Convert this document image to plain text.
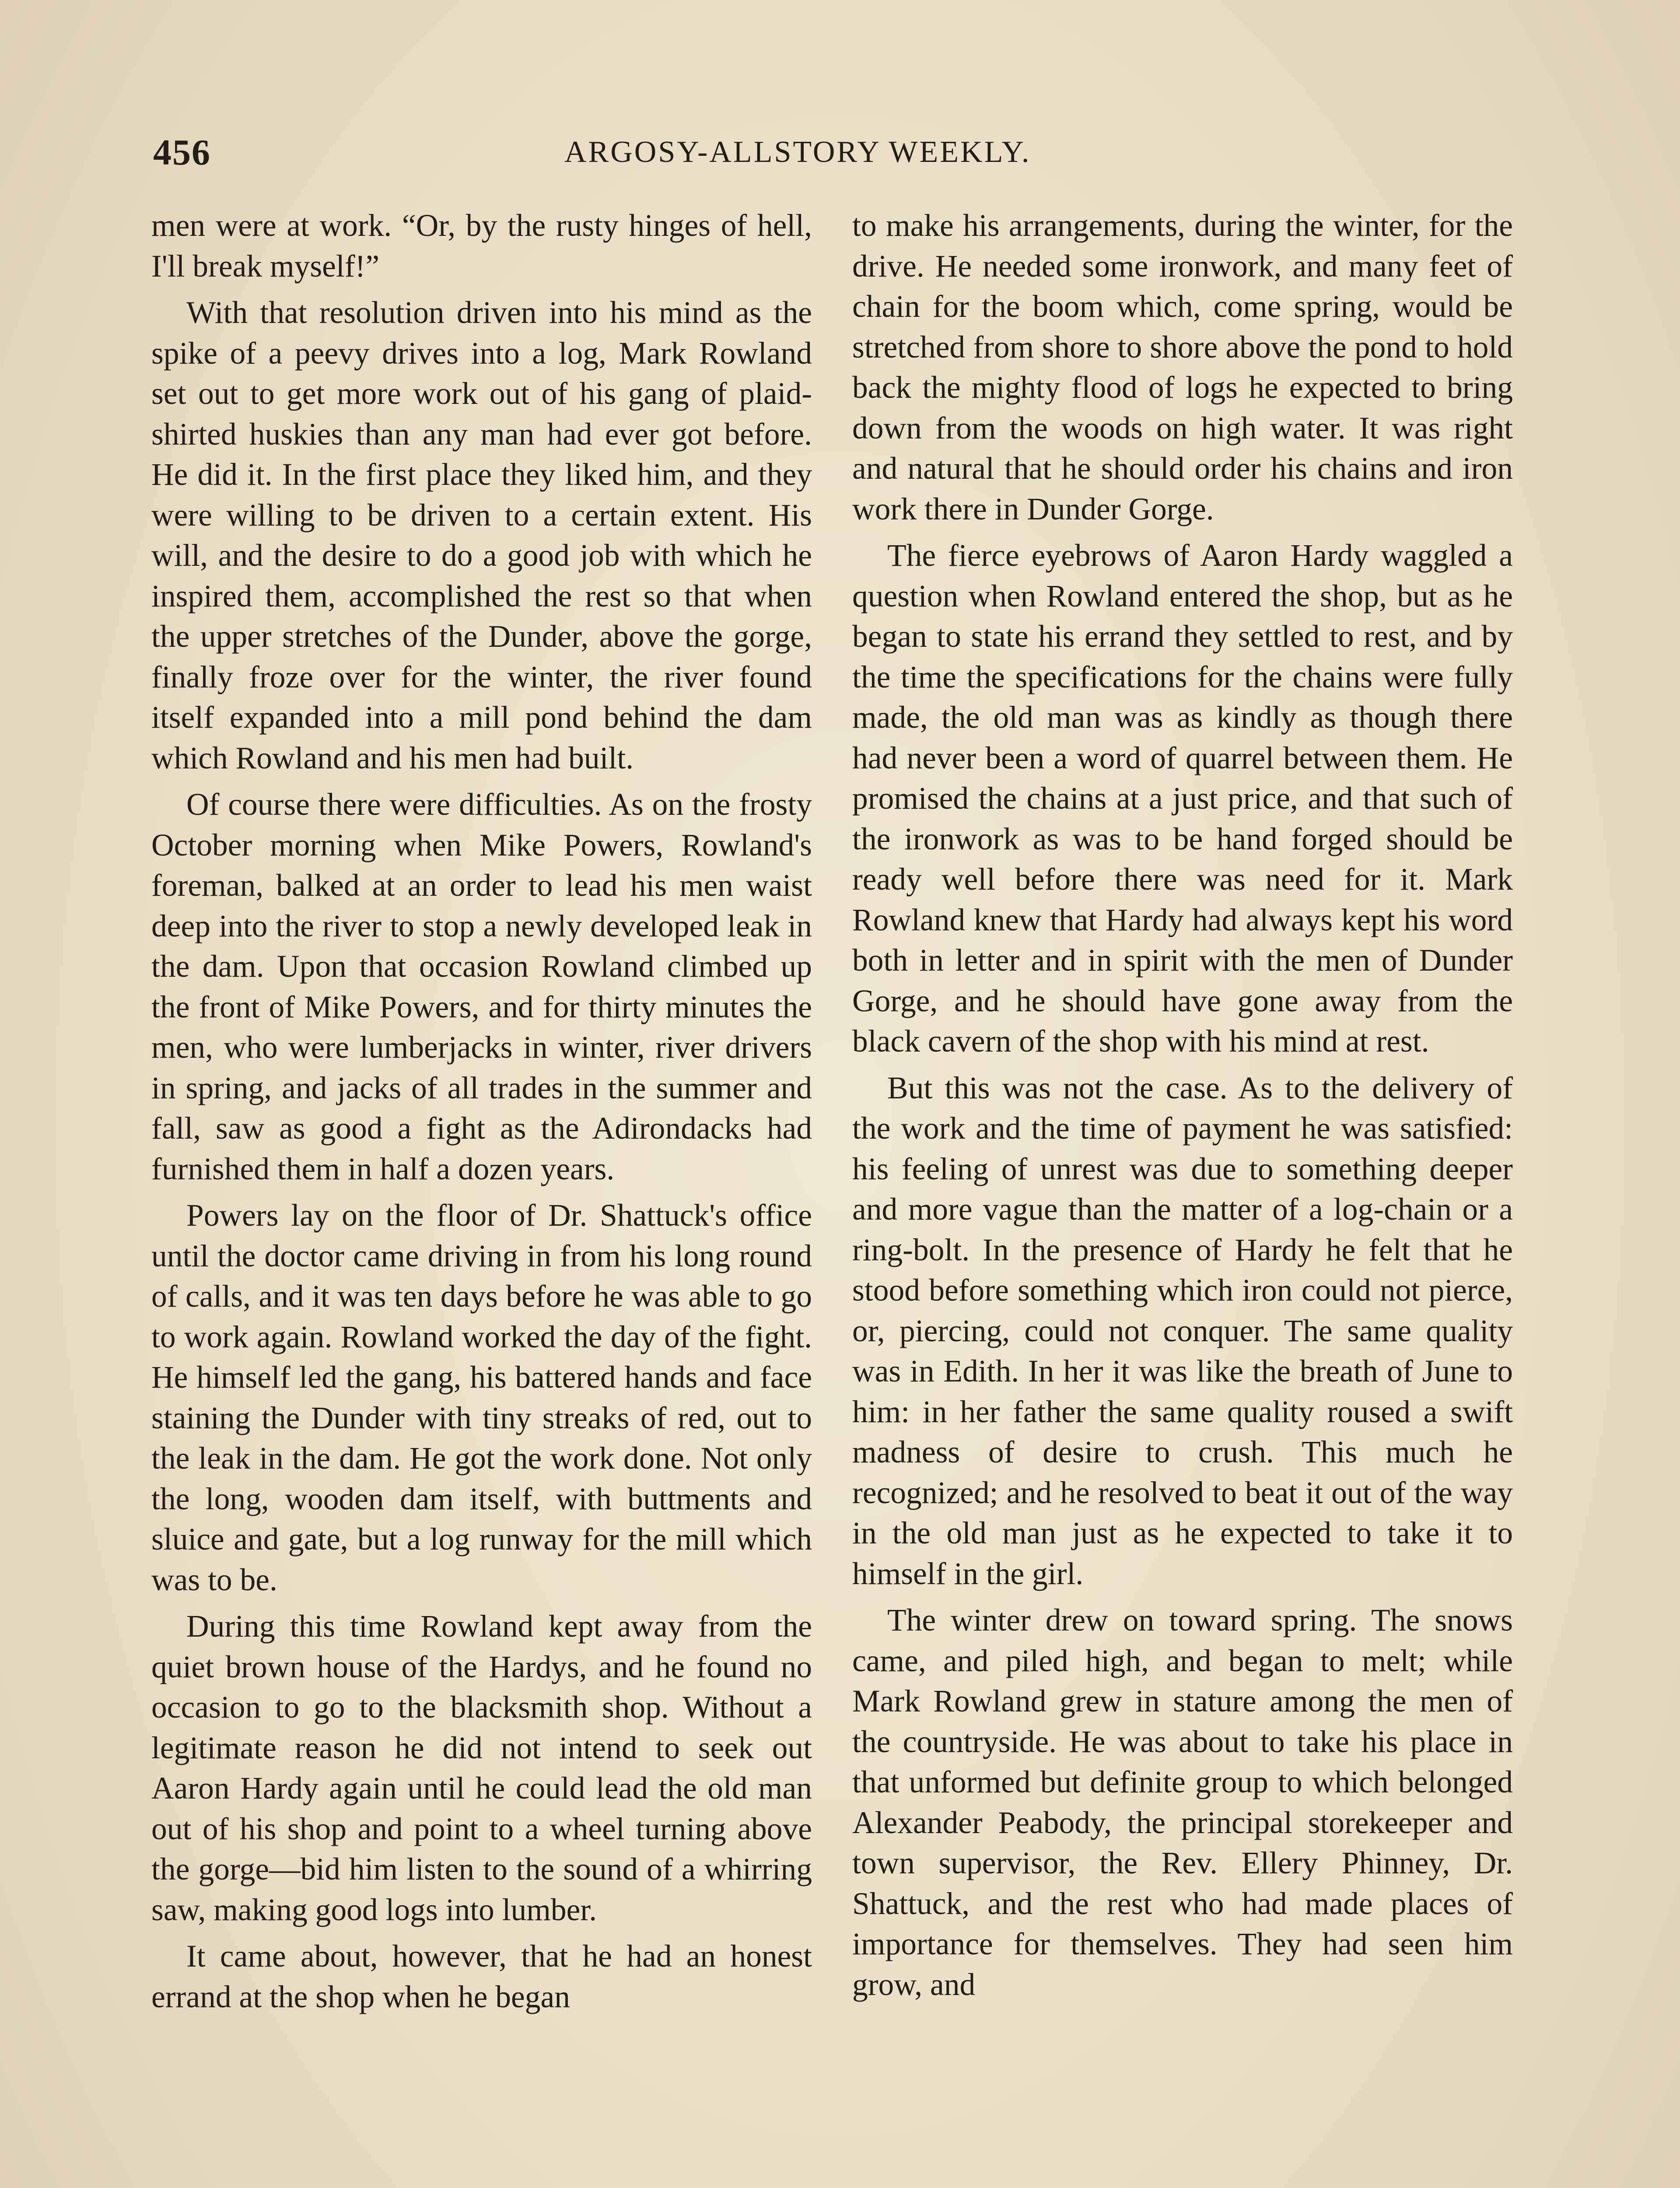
456	ARGOSY-ALLSTORY WEEKLY.

men were at work. “Or, by the rusty hinges of hell, I'll break myself!”

With that resolution driven into his mind as the spike of a peevy drives into a log, Mark Rowland set out to get more work out of his gang of plaid-shirted huskies than any man had ever got before. He did it. In the first place they liked him, and they were willing to be driven to a certain extent. His will, and the desire to do a good job with which he inspired them, accomplished the rest so that when the upper stretches of the Dunder, above the gorge, finally froze over for the winter, the river found itself expanded into a mill pond behind the dam which Rowland and his men had built.

Of course there were difficulties. As on the frosty October morning when Mike Powers, Rowland's foreman, balked at an order to lead his men waist deep into the river to stop a newly developed leak in the dam. Upon that occasion Rowland climbed up the front of Mike Powers, and for thirty minutes the men, who were lumberjacks in winter, river drivers in spring, and jacks of all trades in the summer and fall, saw as good a fight as the Adirondacks had furnished them in half a dozen years.

Powers lay on the floor of Dr. Shattuck's office until the doctor came driving in from his long round of calls, and it was ten days before he was able to go to work again. Rowland worked the day of the fight. He himself led the gang, his battered hands and face staining the Dunder with tiny streaks of red, out to the leak in the dam. He got the work done. Not only the long, wooden dam itself, with buttments and sluice and gate, but a log runway for the mill which was to be.

During this time Rowland kept away from the quiet brown house of the Hardys, and he found no occasion to go to the blacksmith shop. Without a legitimate reason he did not intend to seek out Aaron Hardy again until he could lead the old man out of his shop and point to a wheel turning above the gorge—bid him listen to the sound of a whirring saw, making good logs into lumber.

It came about, however, that he had an honest errand at the shop when he began

to make his arrangements, during the winter, for the drive. He needed some ironwork, and many feet of chain for the boom which, come spring, would be stretched from shore to shore above the pond to hold back the mighty flood of logs he expected to bring down from the woods on high water. It was right and natural that he should order his chains and iron work there in Dunder Gorge.

The fierce eyebrows of Aaron Hardy waggled a question when Rowland entered the shop, but as he began to state his errand they settled to rest, and by the time the specifications for the chains were fully made, the old man was as kindly as though there had never been a word of quarrel between them. He promised the chains at a just price, and that such of the ironwork as was to be hand forged should be ready well before there was need for it. Mark Rowland knew that Hardy had always kept his word both in letter and in spirit with the men of Dunder Gorge, and he should have gone away from the black cavern of the shop with his mind at rest.

But this was not the case. As to the delivery of the work and the time of payment he was satisfied: his feeling of unrest was due to something deeper and more vague than the matter of a log-chain or a ring-bolt. In the presence of Hardy he felt that he stood before something which iron could not pierce, or, piercing, could not conquer. The same quality was in Edith. In her it was like the breath of June to him: in her father the same quality roused a swift madness of desire to crush. This much he recognized; and he resolved to beat it out of the way in the old man just as he expected to take it to himself in the girl.

The winter drew on toward spring. The snows came, and piled high, and began to melt; while Mark Rowland grew in stature among the men of the countryside. He was about to take his place in that unformed but definite group to which belonged Alexander Peabody, the principal storekeeper and town supervisor, the Rev. Ellery Phinney, Dr. Shattuck, and the rest who had made places of importance for themselves. They had seen him grow, and
